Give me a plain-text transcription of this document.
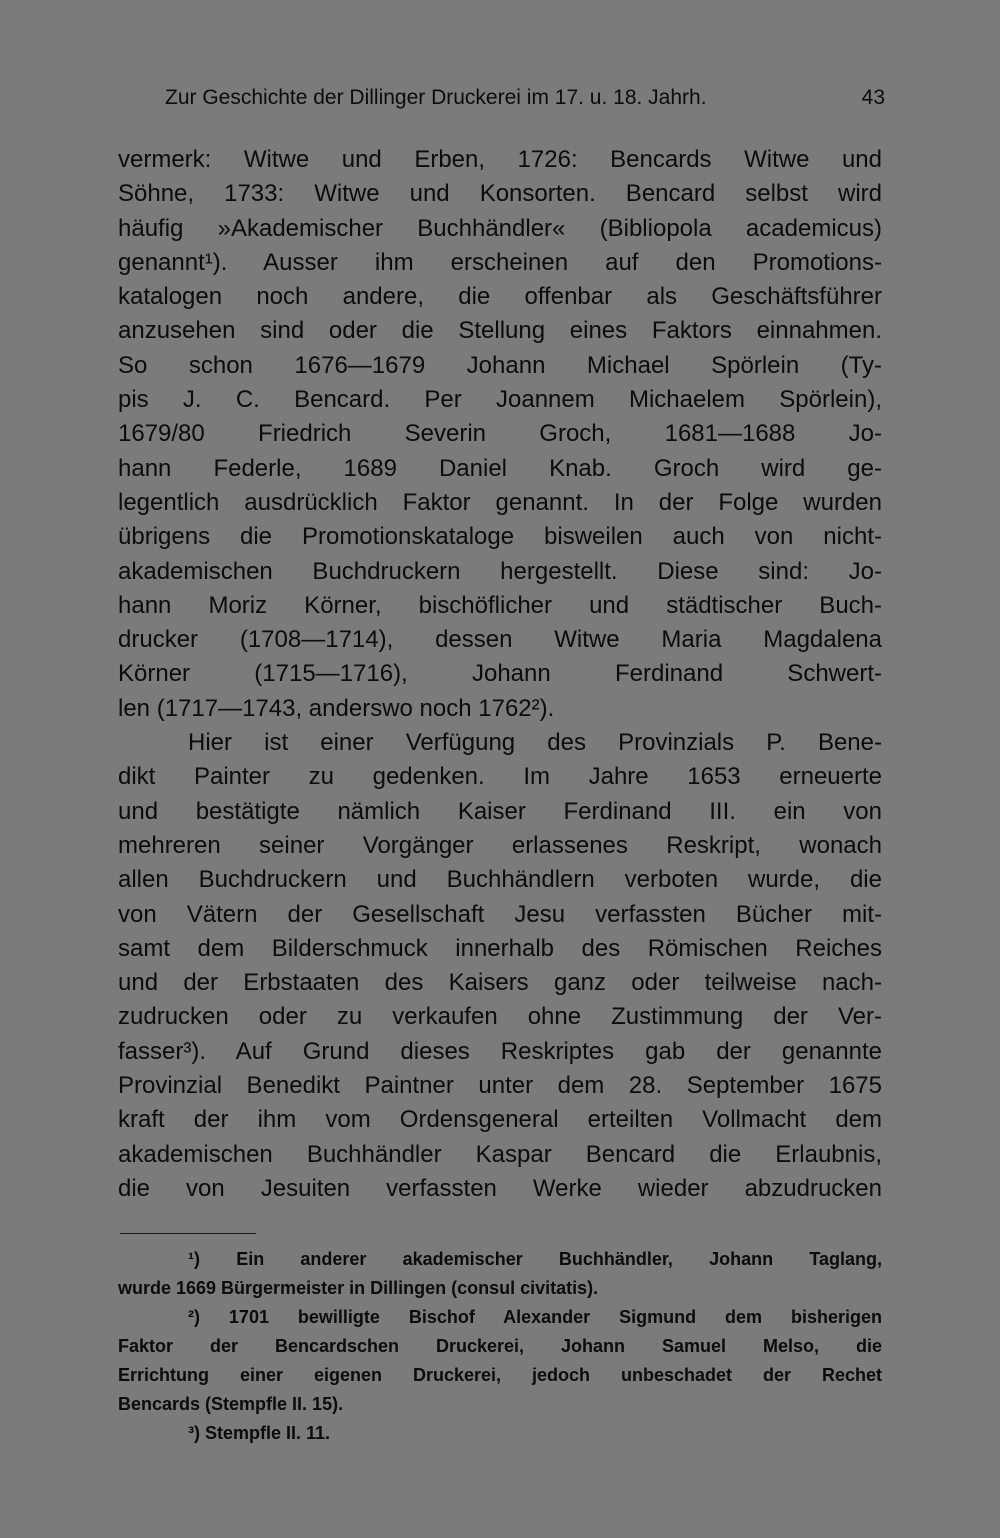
Zur Geschichte der Dillinger Druckerei im 17. u. 18. Jahrh.	43
vermerk: Witwe und Erben, 1726: Bencards Witwe und
Söhne, 1733: Witwe und Konsorten. Bencard selbst wird
häufig »Akademischer Buchhändler« (Bibliopola academicus)
genannt¹). Ausser ihm erscheinen auf den Promotions-
katalogen noch andere, die offenbar als Geschäftsführer
anzusehen sind oder die Stellung eines Faktors einnahmen.
So schon 1676—1679 Johann Michael Spörlein (Ty-
pis J. C. Bencard. Per Joannem Michaelem Spörlein),
1679/80 Friedrich Severin Groch, 1681—1688 Jo-
hann Federle, 1689 Daniel Knab. Groch wird ge-
legentlich ausdrücklich Faktor genannt. In der Folge wurden
übrigens die Promotionskataloge bisweilen auch von nicht-
akademischen Buchdruckern hergestellt. Diese sind: Jo-
hann Moriz Körner, bischöflicher und städtischer Buch-
drucker (1708—1714), dessen Witwe Maria Magdalena
Körner (1715—1716), Johann Ferdinand Schwert-
len (1717—1743, anderswo noch 1762²).
Hier ist einer Verfügung des Provinzials P. Bene-
dikt Painter zu gedenken. Im Jahre 1653 erneuerte
und bestätigte nämlich Kaiser Ferdinand III. ein von
mehreren seiner Vorgänger erlassenes Reskript, wonach
allen Buchdruckern und Buchhändlern verboten wurde, die
von Vätern der Gesellschaft Jesu verfassten Bücher mit-
samt dem Bilderschmuck innerhalb des Römischen Reiches
und der Erbstaaten des Kaisers ganz oder teilweise nach-
zudrucken oder zu verkaufen ohne Zustimmung der Ver-
fasser³). Auf Grund dieses Reskriptes gab der genannte
Provinzial Benedikt Paintner unter dem 28. September 1675
kraft der ihm vom Ordensgeneral erteilten Vollmacht dem
akademischen Buchhändler Kaspar Bencard die Erlaubnis,
die von Jesuiten verfassten Werke wieder abzudrucken
¹) Ein anderer akademischer Buchhändler, Johann Taglang,
wurde 1669 Bürgermeister in Dillingen (consul civitatis).
²) 1701 bewilligte Bischof Alexander Sigmund dem bisherigen
Faktor der Bencardschen Druckerei, Johann Samuel Melso, die
Errichtung einer eigenen Druckerei, jedoch unbeschadet der Rechet
Bencards (Stempfle II. 15).
³) Stempfle II. 11.
